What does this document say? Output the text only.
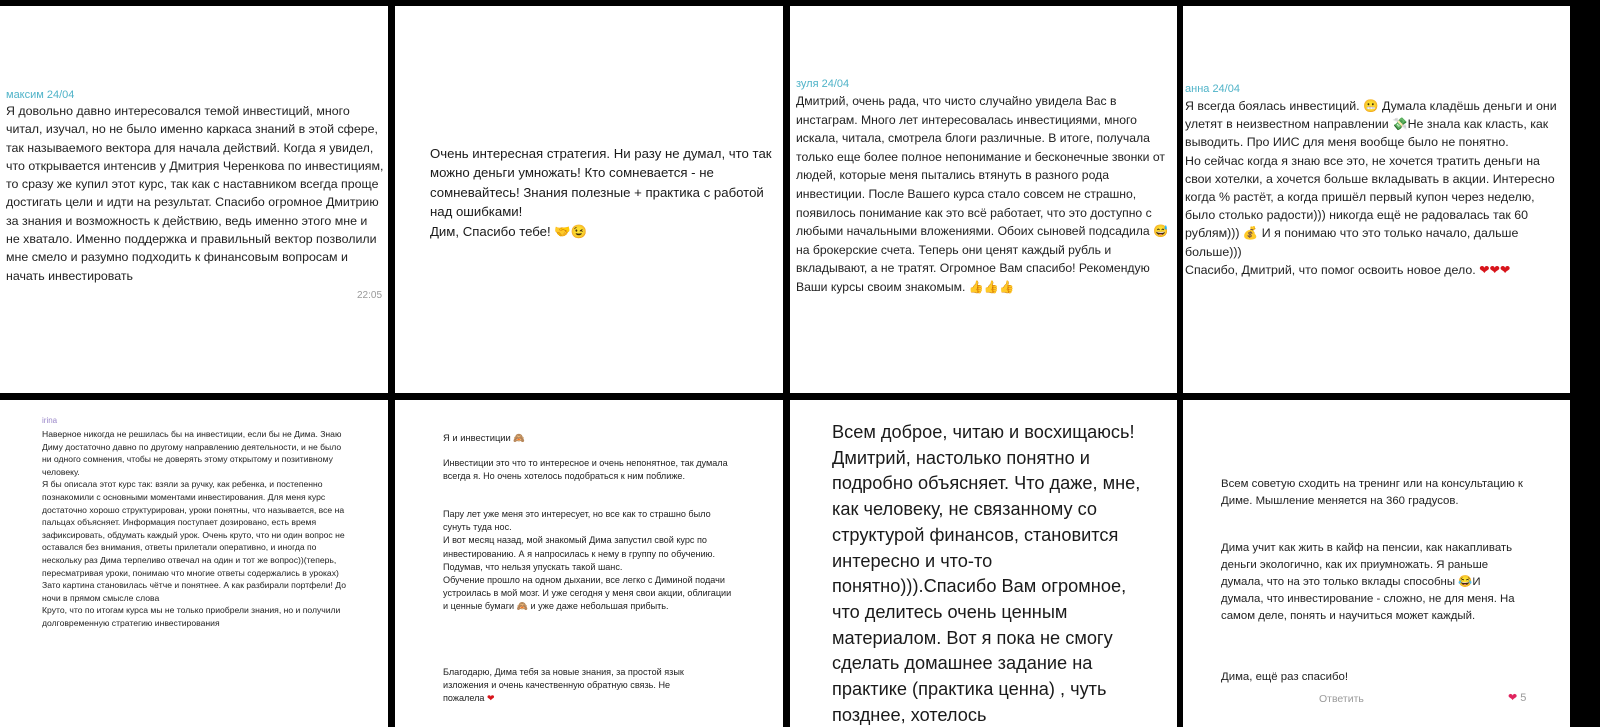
максим 24/04

Я довольно давно интересовался темой инвестиций, много читал, изучал, но не было именно каркаса знаний в этой сфере, так называемого вектора для начала действий. Когда я увидел, что открывается интенсив у Дмитрия Черенкова по инвестициям, то сразу же купил этот курс, так как с наставником всегда проще достигать цели и идти на результат. Спасибо огромное Дмитрию за знания и возможность к действию, ведь именно этого мне и не хватало. Именно поддержка и правильный вектор позволили мне смело и разумно подходить к финансовым вопросам и начать инвестировать

22:05

Очень интересная стратегия. Ни разу не думал, что так можно деньги умножать! Кто сомневается - не сомневайтесь! Знания полезные + практика с работой над ошибками!
Дим, Спасибо тебе! 🤝😉

зуля 24/04

Дмитрий, очень рада, что чисто случайно увидела Вас в инстаграм. Много лет интересовалась инвестициями, много искала, читала, смотрела блоги различные. В итоге, получала только еще более полное непонимание и бесконечные звонки от людей, которые меня пытались втянуть в разного рода инвестиции. После Вашего курса стало совсем не страшно, появилось понимание как это всё работает, что это доступно с любыми начальными вложениями. Обоих сыновей подсадила 😅 на брокерские счета. Теперь они ценят каждый рубль и вкладывают, а не тратят. Огромное Вам спасибо! Рекомендую Ваши курсы своим знакомым. 👍👍👍

анна 24/04

Я всегда боялась инвестиций. 😬 Думала кладёшь деньги и они улетят в неизвестном направлении 💸Не знала как класть, как выводить. Про ИИС для меня вообще было не понятно.
Но сейчас когда я знаю все это, не хочется тратить деньги на свои хотелки, а хочется больше вкладывать в акции. Интересно когда % растёт, а когда пришёл первый купон через неделю, было столько радости))) никогда ещё не радовалась так 60 рублям))) 💰 И я понимаю что это только начало, дальше больше)))
Спасибо, Дмитрий, что помог освоить новое дело. ❤❤❤

irina

Наверное никогда не решилась бы на инвестиции, если бы не Дима. Знаю Диму достаточно давно по другому направлению деятельности, и не было ни одного сомнения, чтобы не доверять этому открытому и позитивному человеку.
Я бы описала этот курс так: взяли за ручку, как ребенка, и постепенно познакомили с основными моментами инвестирования. Для меня курс достаточно хорошо структурирован, уроки понятны, что называется, все на пальцах объясняет. Информация поступает дозировано, есть время зафиксировать, обдумать каждый урок. Очень круто, что ни один вопрос не оставался без внимания, ответы прилетали оперативно, и иногда по нескольку раз Дима терпеливо отвечал на один и тот же вопрос))(теперь, пересматривая уроки, понимаю что многие ответы содержались в уроках) Зато картина становилась чётче и понятнее. А как разбирали портфели! До ночи в прямом смысле слова
Круто, что по итогам курса мы не только приобрели знания, но и получили долговременную стратегию инвестирования

Я и инвестиции 🙈

Инвестиции это что то интересное и очень непонятное, так думала всегда я. Но очень хотелось подобраться к ним поближе.

Пару лет уже меня это интересует, но все как то страшно было сунуть туда нос.
И вот месяц назад, мой знакомый Дима запустил свой курс по инвестированию. А я напросилась к нему в группу по обучению. Подумав, что нельзя упускать такой шанс.
Обучение прошло на одном дыхании, все легко с Диминой подачи устроилась в мой мозг. И уже сегодня у меня свои акции, облигации и ценные бумаги 🙈 и уже даже небольшая прибыть.

Благодарю, Дима тебя за новые знания, за простой язык изложения и очень качественную обратную связь. Не пожалела ❤

Всем доброе, читаю и восхищаюсь! Дмитрий, настолько понятно и подробно объясняет. Что даже, мне, как человеку, не связанному со структурой финансов, становится интересно и что-то понятно))).Спасибо Вам огромное, что делитесь очень ценным материалом. Вот я пока не смогу сделать домашнее задание на практике (практика ценна) , чуть позднее, хотелось

Всем советую сходить на тренинг или на консультацию к Диме. Мышление меняется на 360 градусов.

Дима учит как жить в кайф на пенсии, как накапливать деньги экологично, как их приумножать. Я раньше думала, что на это только вклады способны 😂И думала, что инвестирование - сложно, не для меня. На самом деле, понять и научиться может каждый.

Дима, ещё раз спасибо!

Ответить	❤ 5
